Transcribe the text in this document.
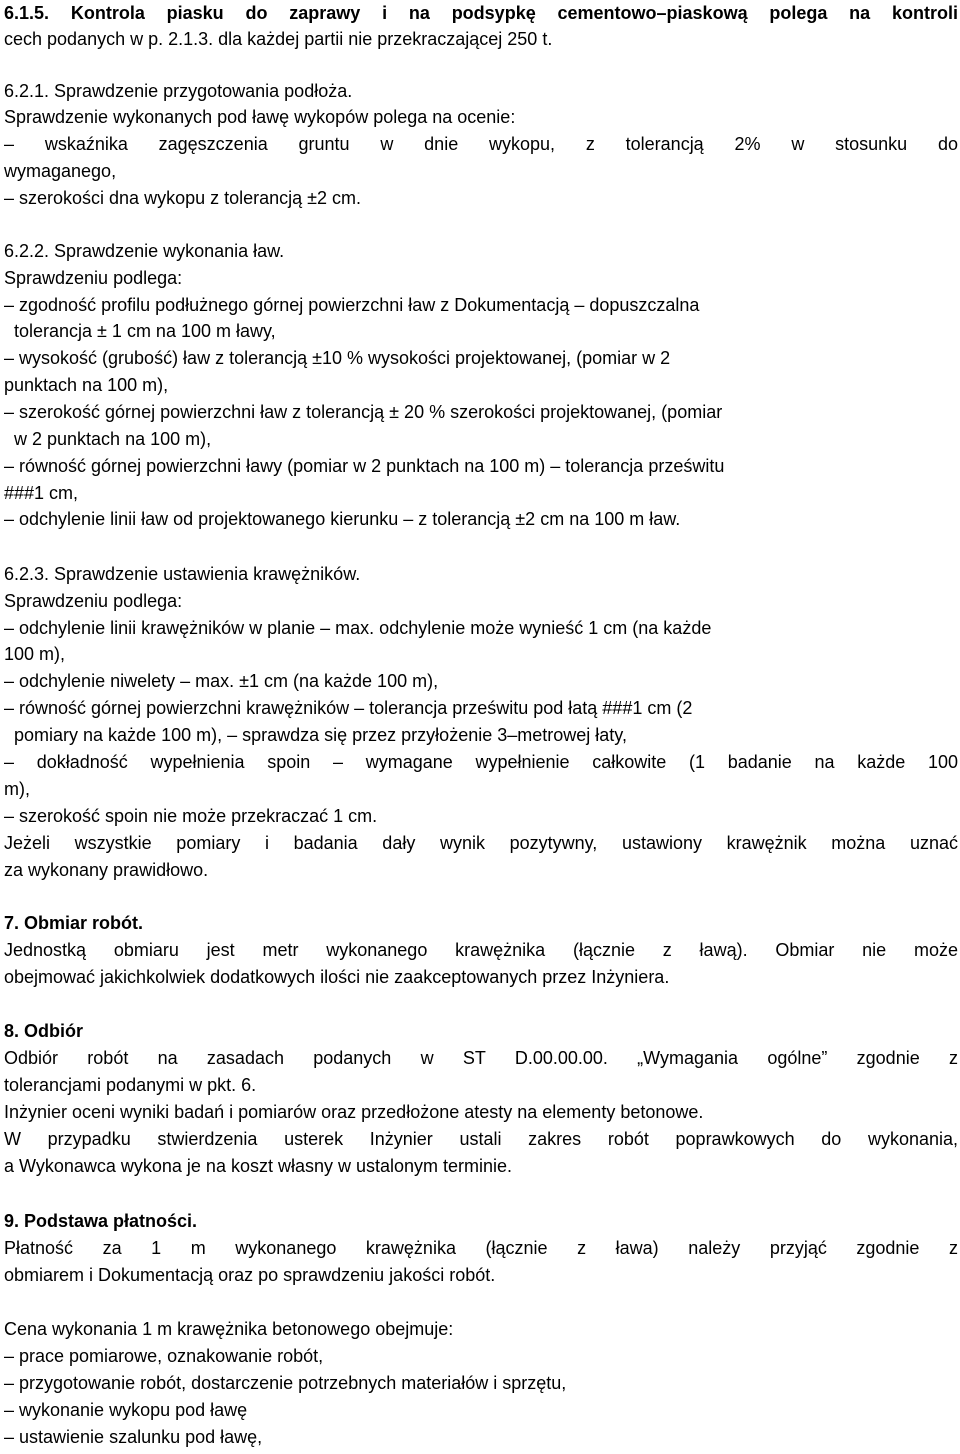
6.1.5. Kontrola piasku do zaprawy i na podsypkę cementowo–piaskową polega na kontroli
cech podanych w p. 2.1.3. dla każdej partii nie przekraczającej 250 t.
6.2.1. Sprawdzenie przygotowania podłoża.
Sprawdzenie wykonanych pod ławę wykopów polega na ocenie:
– wskaźnika zagęszczenia gruntu w dnie wykopu, z tolerancją 2% w stosunku do
wymaganego,
– szerokości dna wykopu z tolerancją ±2 cm.
6.2.2. Sprawdzenie wykonania ław.
Sprawdzeniu podlega:
– zgodność profilu podłużnego górnej powierzchni ław z Dokumentacją – dopuszczalna
tolerancja ± 1 cm na 100 m ławy,
– wysokość (grubość) ław z tolerancją ±10 % wysokości projektowanej, (pomiar w 2
punktach na 100 m),
– szerokość górnej powierzchni ław z tolerancją ± 20 % szerokości projektowanej, (pomiar
w 2 punktach na 100 m),
– równość górnej powierzchni ławy (pomiar w 2 punktach na 100 m) – tolerancja prześwitu
###1 cm,
– odchylenie linii ław od projektowanego kierunku – z tolerancją ±2 cm na 100 m ław.
6.2.3. Sprawdzenie ustawienia krawężników.
Sprawdzeniu podlega:
– odchylenie linii krawężników w planie – max. odchylenie może wynieść 1 cm (na każde
100 m),
– odchylenie niwelety – max. ±1 cm (na każde 100 m),
– równość górnej powierzchni krawężników – tolerancja prześwitu pod łatą ###1 cm (2
pomiary na każde 100 m), – sprawdza się przez przyłożenie 3–metrowej łaty,
– dokładność wypełnienia spoin – wymagane wypełnienie całkowite (1 badanie na każde 100
m),
– szerokość spoin nie może przekraczać 1 cm.
Jeżeli wszystkie pomiary i badania dały wynik pozytywny, ustawiony krawężnik można uznać
za wykonany prawidłowo.
7. Obmiar robót.
Jednostką obmiaru jest metr wykonanego krawężnika (łącznie z ławą). Obmiar nie może
obejmować jakichkolwiek dodatkowych ilości nie zaakceptowanych przez Inżyniera.
8. Odbiór
Odbiór robót na zasadach podanych w ST D.00.00.00. „Wymagania ogólne” zgodnie z
tolerancjami podanymi w pkt. 6.
Inżynier oceni wyniki badań i pomiarów oraz przedłożone atesty na elementy betonowe.
W przypadku stwierdzenia usterek Inżynier ustali zakres robót poprawkowych do wykonania,
a Wykonawca wykona je na koszt własny w ustalonym terminie.
9. Podstawa płatności.
Płatność za 1 m wykonanego krawężnika (łącznie z ława) należy przyjąć zgodnie z
obmiarem i Dokumentacją oraz po sprawdzeniu jakości robót.
Cena wykonania 1 m krawężnika betonowego obejmuje:
– prace pomiarowe, oznakowanie robót,
– przygotowanie robót, dostarczenie potrzebnych materiałów i sprzętu,
– wykonanie wykopu pod ławę
– ustawienie szalunku pod ławę,
